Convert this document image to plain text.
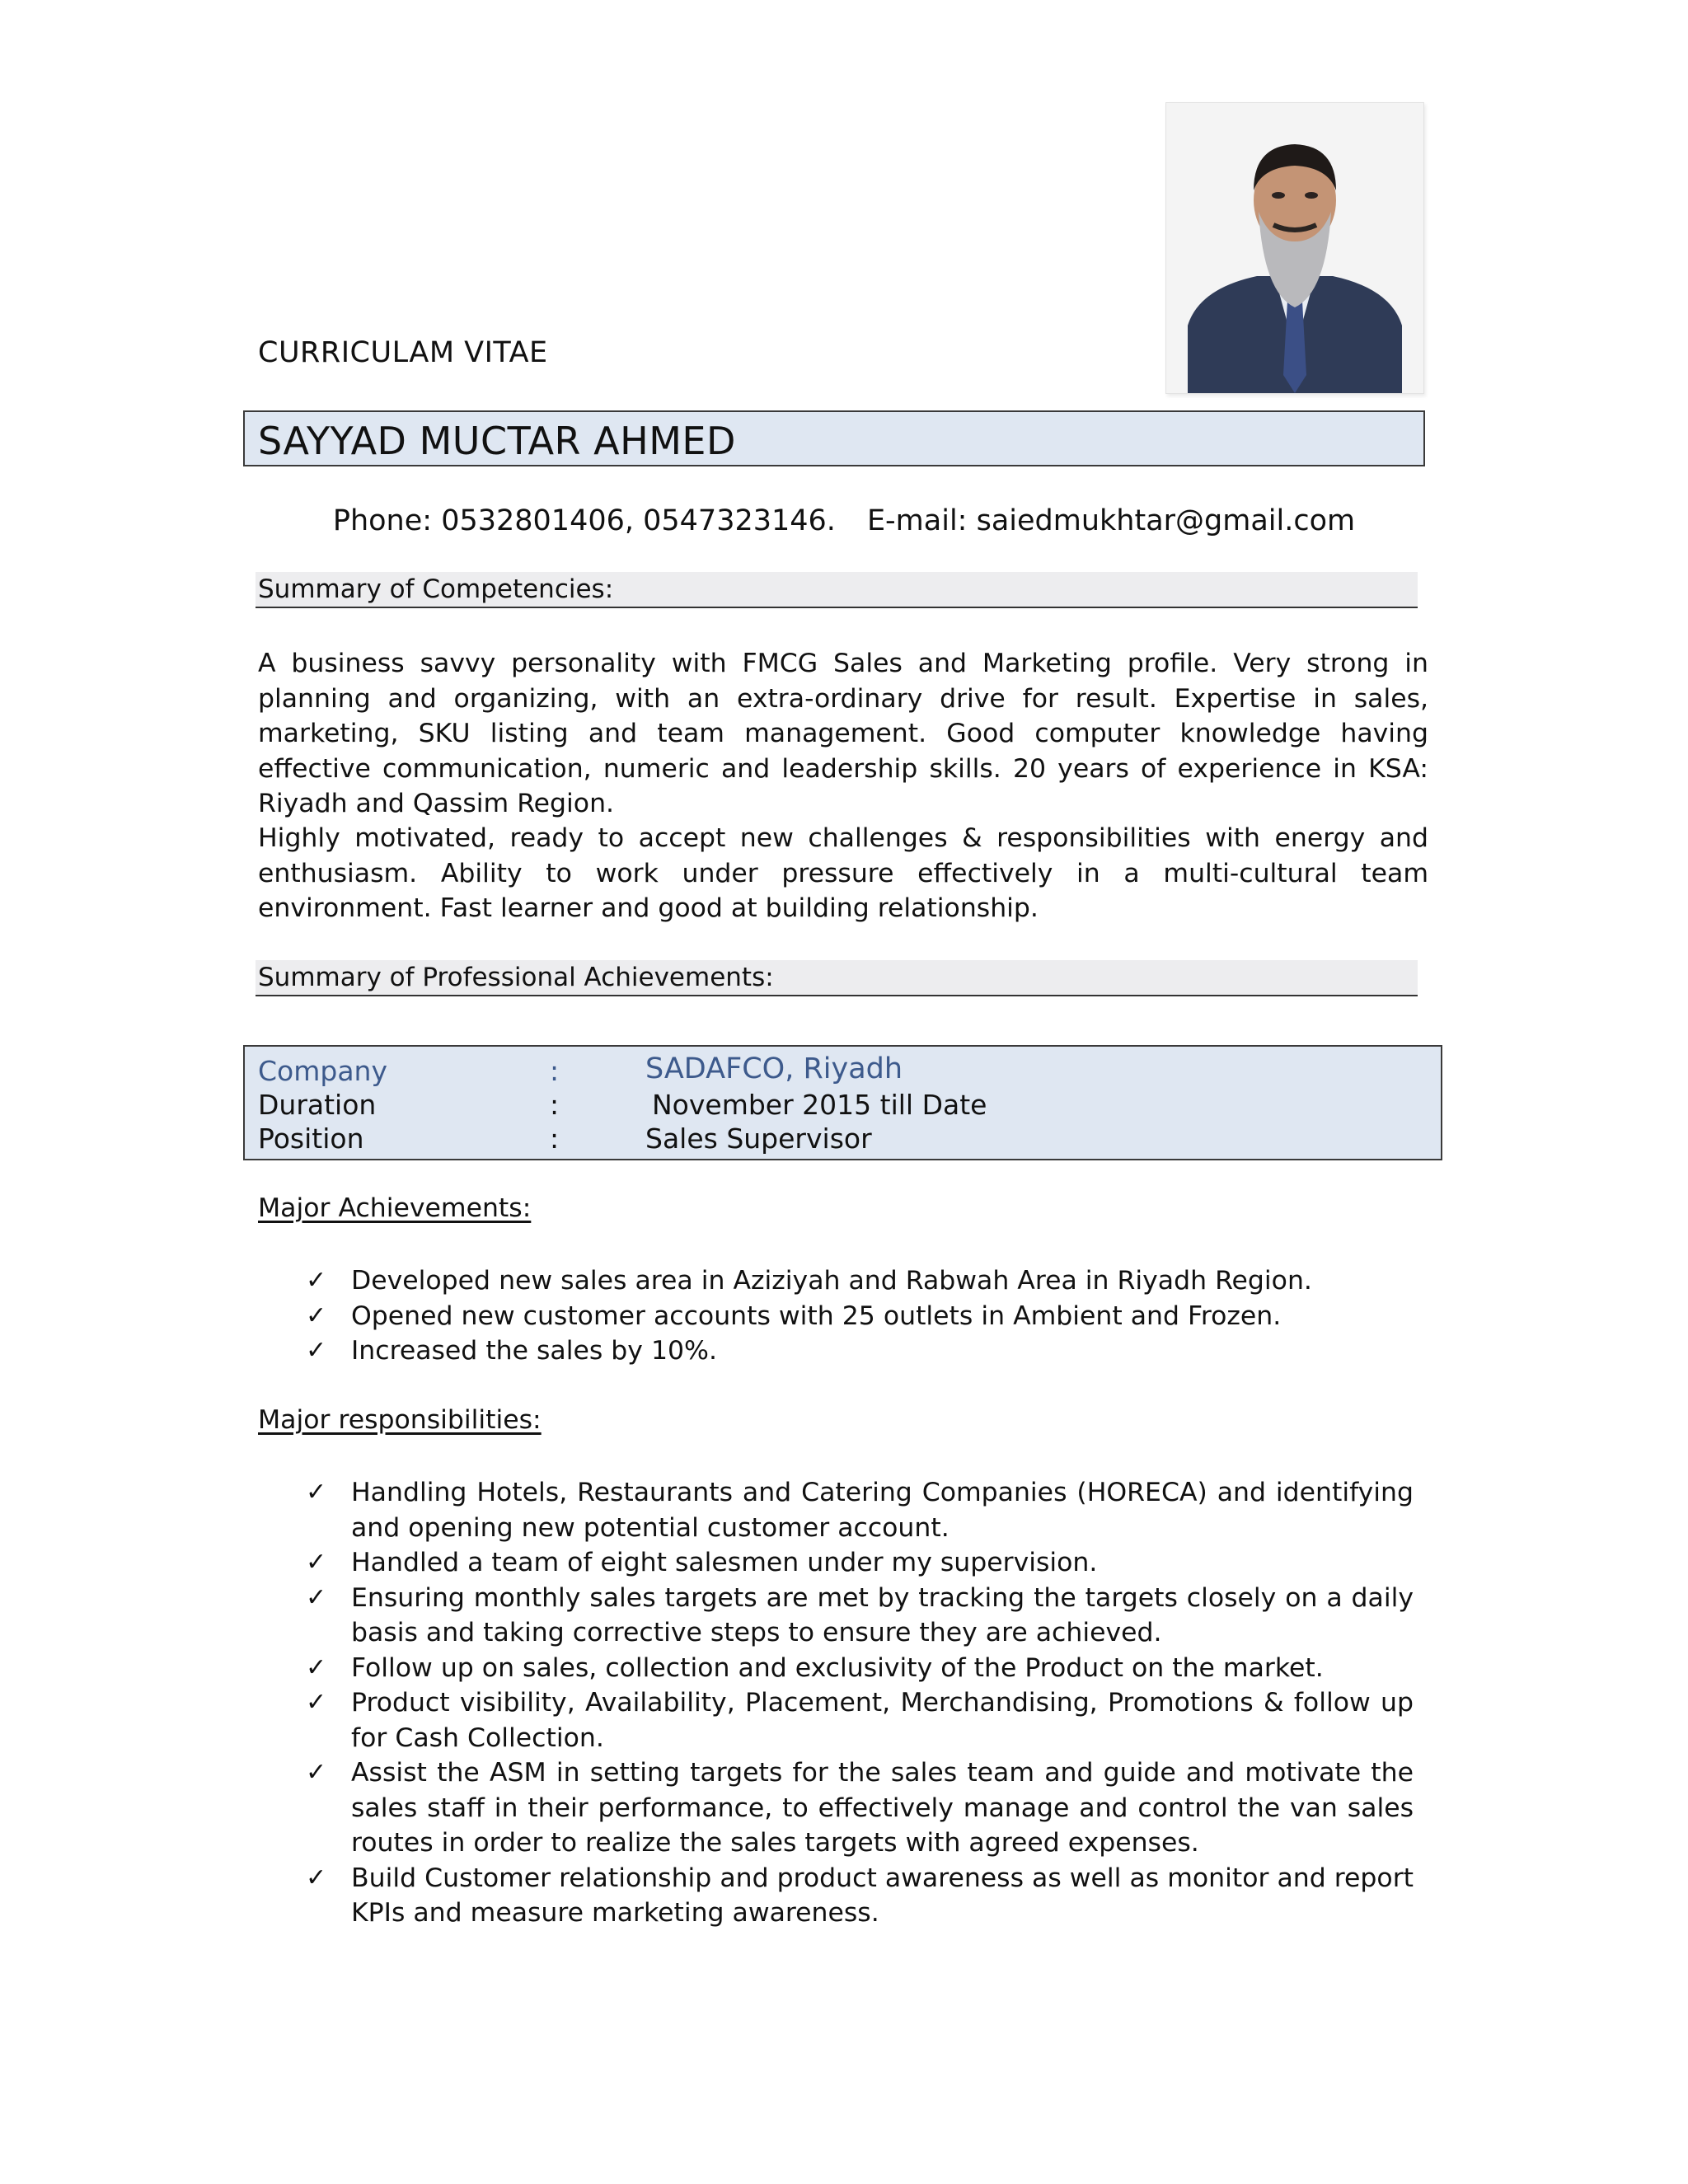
CURRICULAM VITAE
SAYYAD MUCTAR AHMED
Phone: 0532801406, 0547323146. E-mail: saiedmukhtar@gmail.com
Summary of Competencies:
A business savvy personality with FMCG Sales and Marketing profile. Very strong in planning and organizing, with an extra-ordinary drive for result. Expertise in sales, marketing, SKU listing and team management. Good computer knowledge having effective communication, numeric and leadership skills. 20 years of experience in KSA: Riyadh and Qassim Region.
Highly motivated, ready to accept new challenges & responsibilities with energy and enthusiasm. Ability to work under pressure effectively in a multi-cultural team environment. Fast learner and good at building relationship.
Summary of Professional Achievements:
Company	:	SADAFCO, Riyadh
Duration	:	November 2015 till Date
Position	:	Sales Supervisor
Major Achievements:
✓ Developed new sales area in Aziziyah and Rabwah Area in Riyadh Region.
✓ Opened new customer accounts with 25 outlets in Ambient and Frozen.
✓ Increased the sales by 10%.
Major responsibilities:
✓ Handling Hotels, Restaurants and Catering Companies (HORECA) and identifying and opening new potential customer account.
✓ Handled a team of eight salesmen under my supervision.
✓ Ensuring monthly sales targets are met by tracking the targets closely on a daily basis and taking corrective steps to ensure they are achieved.
✓ Follow up on sales, collection and exclusivity of the Product on the market.
✓ Product visibility, Availability, Placement, Merchandising, Promotions & follow up for Cash Collection.
✓ Assist the ASM in setting targets for the sales team and guide and motivate the sales staff in their performance, to effectively manage and control the van sales routes in order to realize the sales targets with agreed expenses.
✓ Build Customer relationship and product awareness as well as monitor and report KPIs and measure marketing awareness.
